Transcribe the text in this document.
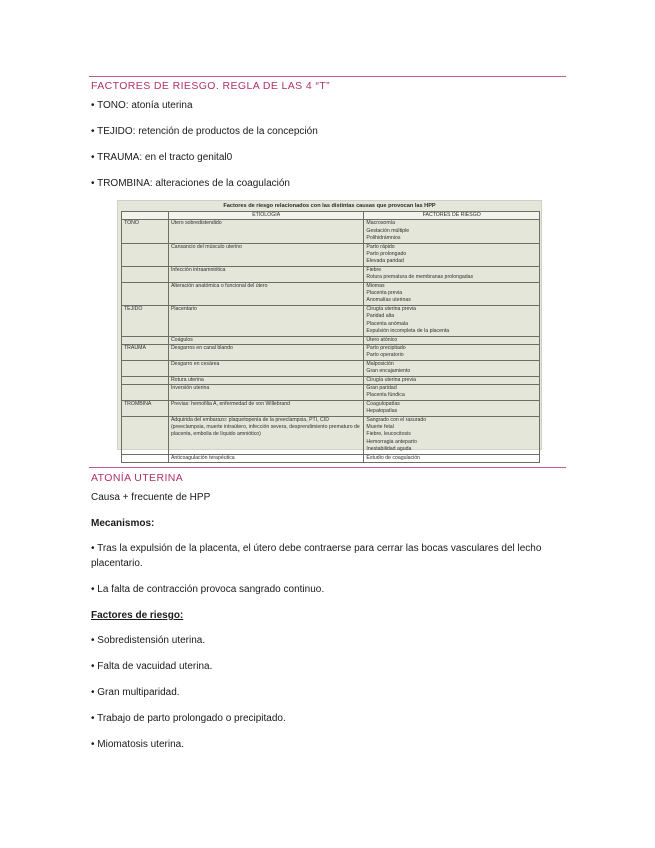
FACTORES DE RIESGO. REGLA DE LAS 4 “T”
• TONO: atonía uterina
• TEJIDO: retención de productos de la concepción
• TRAUMA: en el tracto genital0
• TROMBINA: alteraciones de la coagulación
Factores de riesgo relacionados con las distintas causas que provocan las HPP
	ETIOLOGÍA	FACTORES DE RIESGO
TONO	Útero sobredistendido	Macrosomía
Gestación múltiple
Polihidrámnios

	Cansancio del músculo uterino	Parto rápido
Parto prolongado
Elevada paridad

	Infección intraamniótica	Fiebre
Rotura prematura de membranas prolongadas

	Alteración anatómica o funcional del útero	Miomas
Placenta previa
Anomalías uterinas

TEJIDO	Placentario	Cirugía uterina previa
Paridad alta
Placenta anómala
Expulsión incompleta de la placenta

	Coágulos	Útero atónico

TRAUMA	Desgarros en canal blando	Parto precipitado
Parto operatorio

	Desgarro en cesárea	Malposición
Gran encajamiento

	Rotura uterina	Cirugía uterina previa

	Inversión uterina	Gran paridad
Placenta fúndica

TROMBINA	Previas: hemofilia A, enfermedad de von Willebrand	Coagulopatías
Hepatopatías

	Adquirida del embarazo: plaquetopenia de la preeclampsia, PTI, CID (preeclampsia, muerte intraútero, infección severa, desprendimiento prematuro de placenta, embolia de líquido amniótico)	Sangrado con el rasurado
Muerte fetal
Fiebre, leucocitosis
Hemorragia anteparto
Inestabilidad aguda

	Anticoagulación terapéutica	Estudio de coagulación
ATONÍA UTERINA
Causa + frecuente de HPP
Mecanismos:
• Tras la expulsión de la placenta, el útero debe contraerse para cerrar las bocas vasculares del lecho placentario.
• La falta de contracción provoca sangrado continuo.
Factores de riesgo:
• Sobredistensión uterina.
• Falta de vacuidad uterina.
• Gran multiparidad.
• Trabajo de parto prolongado o precipitado.
• Miomatosis uterina.
